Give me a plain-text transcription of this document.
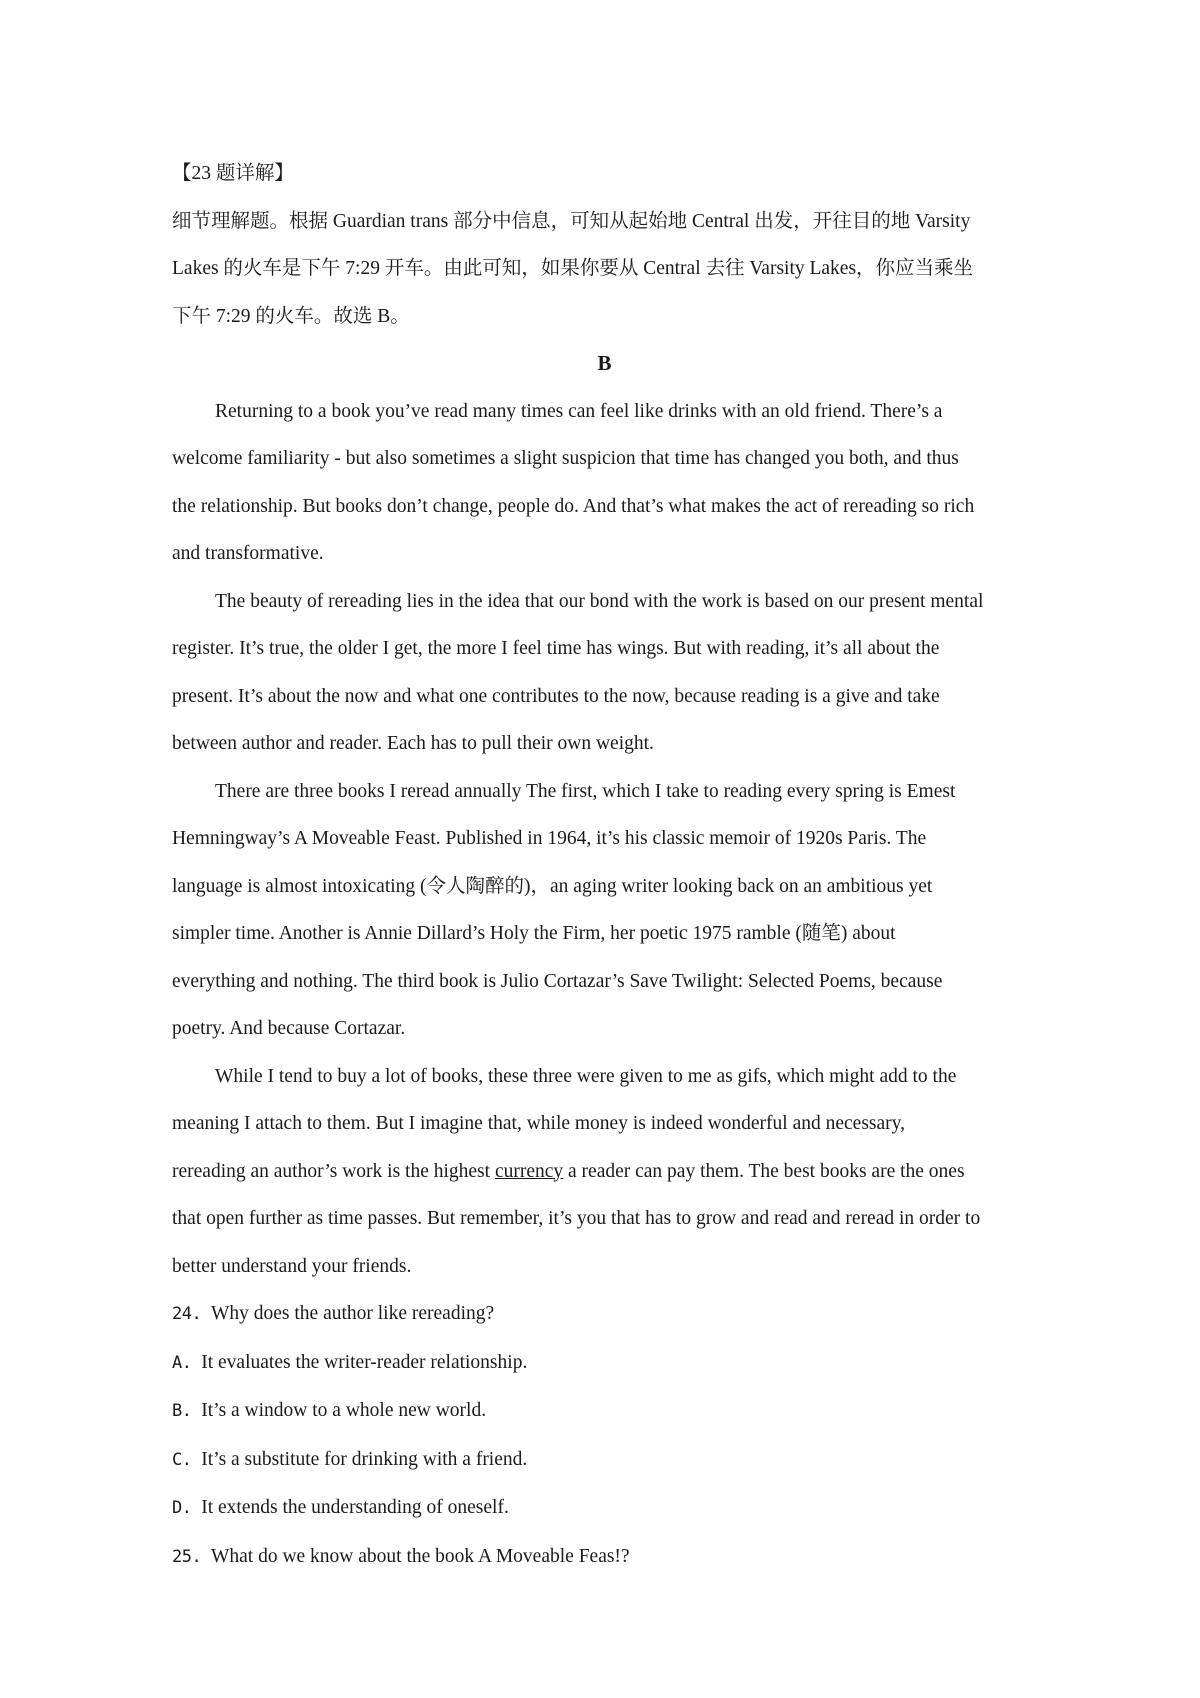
【23 题详解】

细节理解题。根据 Guardian trans 部分中信息，可知从起始地 Central 出发，开往目的地 Varsity

Lakes 的火车是下午 7:29 开车。由此可知，如果你要从 Central 去往 Varsity Lakes，你应当乘坐

下午 7:29 的火车。故选 B。

B

Returning to a book you’ve read many times can feel like drinks with an old friend. There’s a

welcome familiarity - but also sometimes a slight suspicion that time has changed you both, and thus

the relationship. But books don’t change, people do. And that’s what makes the act of rereading so rich

and transformative.

The beauty of rereading lies in the idea that our bond with the work is based on our present mental

register. It’s true, the older I get, the more I feel time has wings. But with reading, it’s all about the

present. It’s about the now and what one contributes to the now, because reading is a give and take

between author and reader. Each has to pull their own weight.

There are three books I reread annually The first, which I take to reading every spring is Emest

Hemningway’s A Moveable Feast. Published in 1964, it’s his classic memoir of 1920s Paris. The

language is almost intoxicating (令人陶醉的)，an aging writer looking back on an ambitious yet

simpler time. Another is Annie Dillard’s Holy the Firm, her poetic 1975 ramble (随笔) about

everything and nothing. The third book is Julio Cortazar’s Save Twilight: Selected Poems, because

poetry. And because Cortazar.

While I tend to buy a lot of books, these three were given to me as gifs, which might add to the

meaning I attach to them. But I imagine that, while money is indeed wonderful and necessary,

rereading an author’s work is the highest currency a reader can pay them. The best books are the ones

that open further as time passes. But remember, it’s you that has to grow and read and reread in order to

better understand your friends.

24. Why does the author like rereading?

A. It evaluates the writer-reader relationship.

B. It’s a window to a whole new world.

C. It’s a substitute for drinking with a friend.

D. It extends the understanding of oneself.

25. What do we know about the book A Moveable Feas!?
